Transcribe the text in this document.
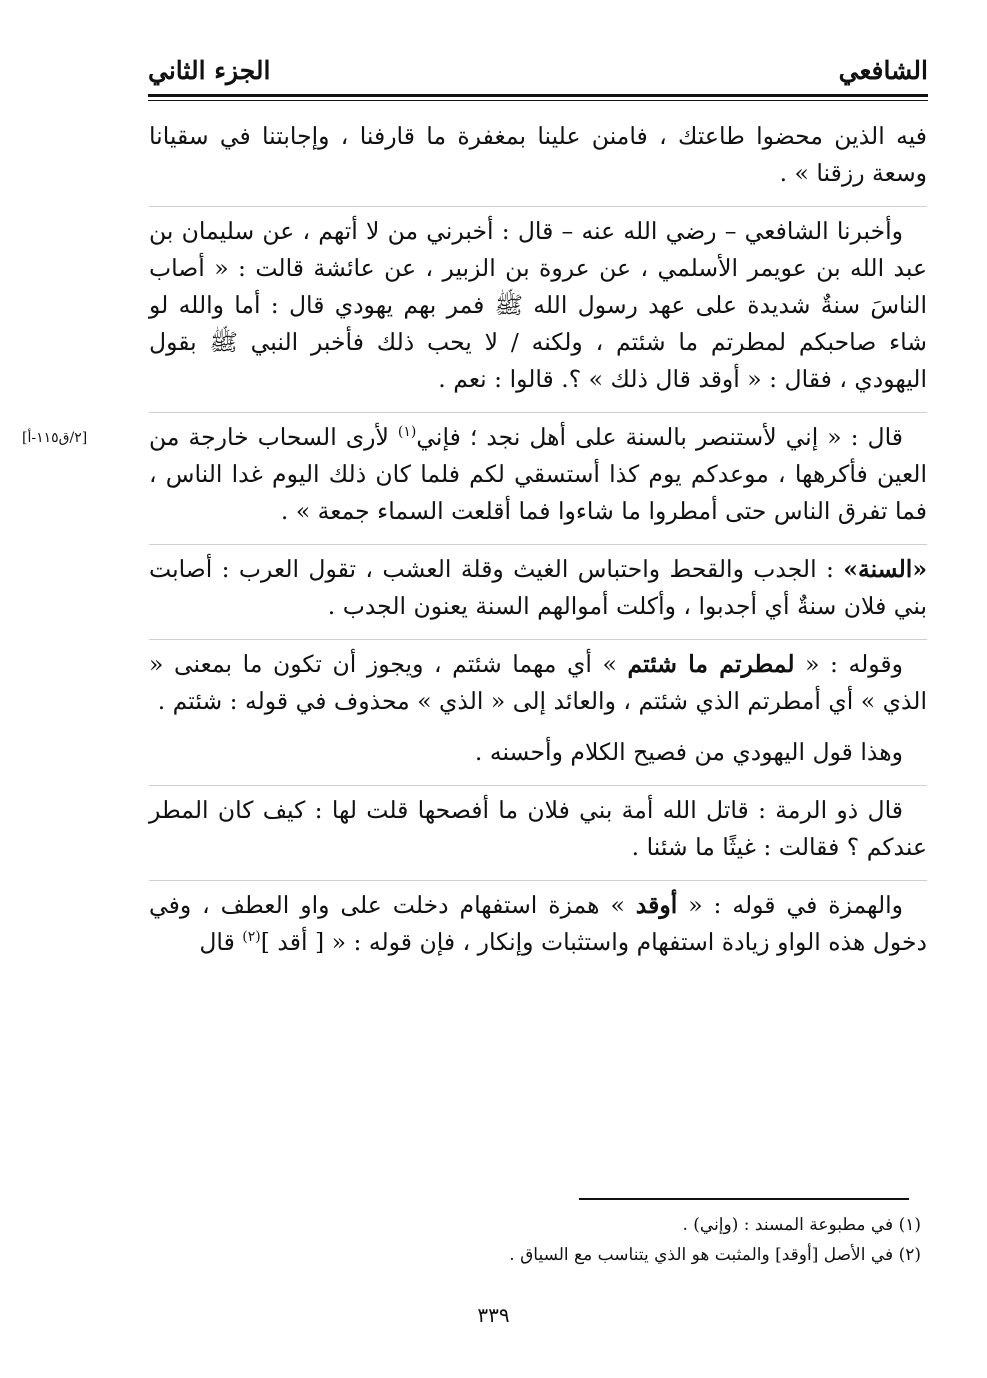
الشافعي
الجزء الثاني
[٢/ق١١٥-أ]

فيه الذين محضوا طاعتك ، فامنن علينا بمغفرة ما قارفنا ، وإجابتنا في سقيانا وسعة رزقنا » .

وأخبرنا الشافعي – رضي الله عنه – قال : أخبرني من لا أتهم ، عن سليمان بن عبد الله بن عويمر الأسلمي ، عن عروة بن الزبير ، عن عائشة قالت : « أصاب الناسَ سنةٌ شديدة على عهد رسول الله ﷺ فمر بهم يهودي قال : أما والله لو شاء صاحبكم لمطرتم ما شئتم ، ولكنه / لا يحب ذلك فأخبر النبي ﷺ بقول اليهودي ، فقال : « أوقد قال ذلك » ؟. قالوا : نعم .

قال : « إني لأستنصر بالسنة على أهل نجد ؛ فإني$^{(١)}$ لأرى السحاب خارجة من العين فأكرهها ، موعدكم يوم كذا أستسقي لكم فلما كان ذلك اليوم غدا الناس ، فما تفرق الناس حتى أمطروا ما شاءوا فما أقلعت السماء جمعة » .

«السنة» : الجدب والقحط واحتباس الغيث وقلة العشب ، تقول العرب : أصابت بني فلان سنةٌ أي أجدبوا ، وأكلت أموالهم السنة يعنون الجدب .

وقوله : « لمطرتم ما شئتم » أي مهما شئتم ، ويجوز أن تكون ما بمعنى « الذي » أي أمطرتم الذي شئتم ، والعائد إلى « الذي » محذوف في قوله : شئتم .

وهذا قول اليهودي من فصيح الكلام وأحسنه .

قال ذو الرمة : قاتل الله أمة بني فلان ما أفصحها قلت لها : كيف كان المطر عندكم ؟ فقالت : غيثًا ما شئنا .

والهمزة في قوله : « أوقد » همزة استفهام دخلت على واو العطف ، وفي دخول هذه الواو زيادة استفهام واستثبات وإنكار ، فإن قوله : « [ أقد ]$^{(٢)}$ قال

(١) في مطبوعة المسند : (وإني) .
(٢) في الأصل [أوقد] والمثبت هو الذي يتناسب مع السياق .
٣٣٩
